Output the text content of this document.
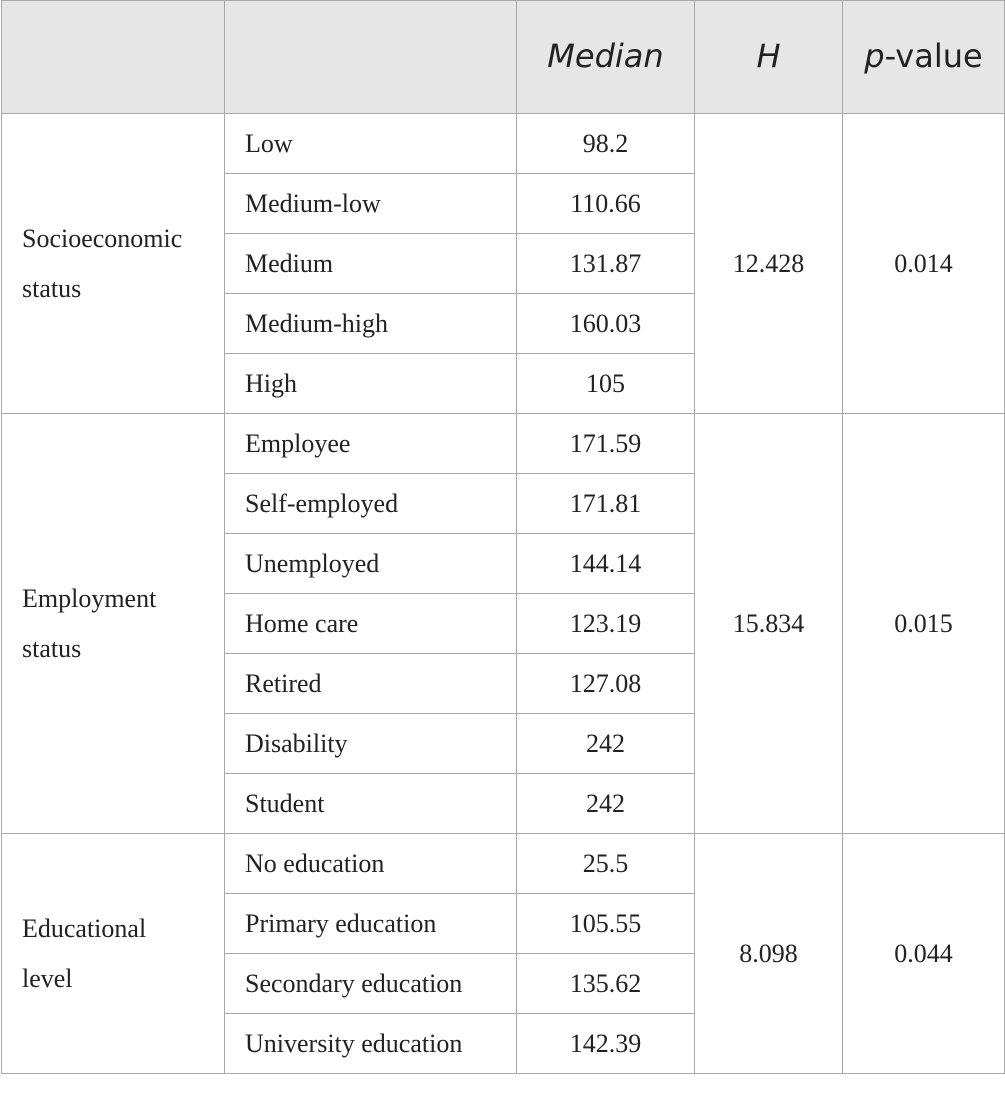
		Median	H	p-value
Socioeconomic
status	Low	98.2	12.428	0.014
	Medium-low	110.66		
	Medium	131.87		
	Medium-high	160.03		
	High	105		
Employment
status	Employee	171.59	15.834	0.015
	Self-employed	171.81		
	Unemployed	144.14		
	Home care	123.19		
	Retired	127.08		
	Disability	242		
	Student	242		
Educational
level	No education	25.5	8.098	0.044
	Primary education	105.55		
	Secondary education	135.62		
	University education	142.39		
